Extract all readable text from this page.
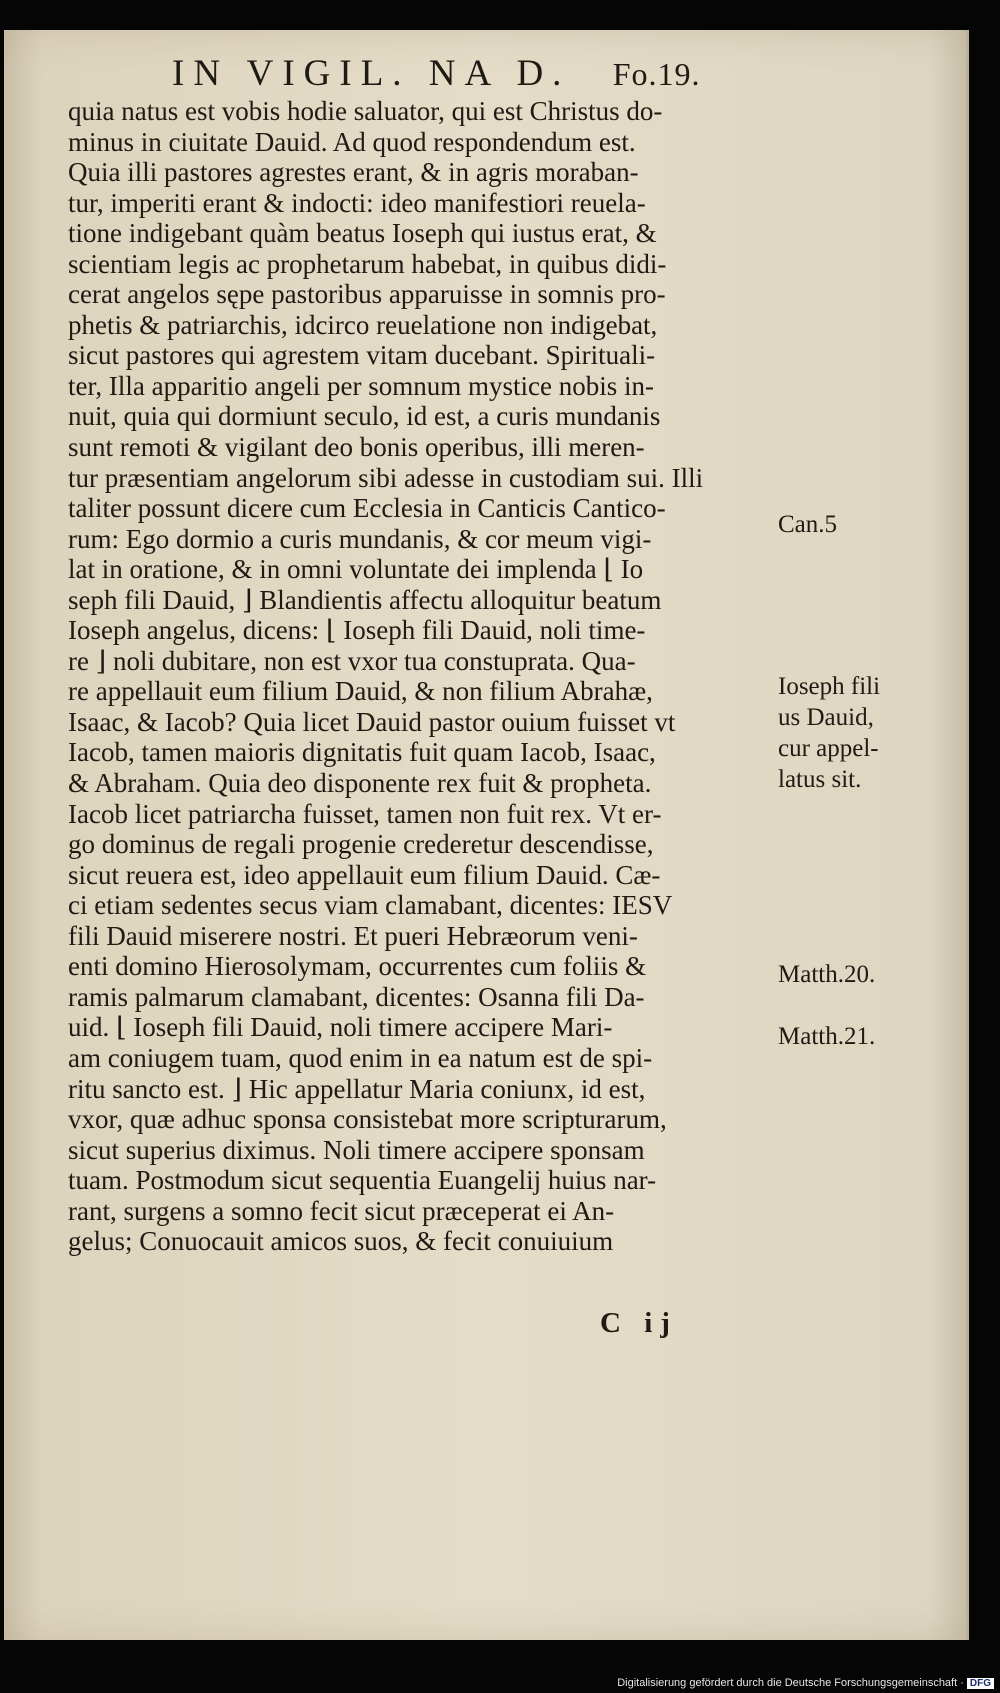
IN VIGIL. NA D. Fo.19.
quia natus est vobis hodie saluator, qui est Christus do-
minus in ciuitate Dauid. Ad quod respondendum est.
Quia illi pastores agrestes erant, & in agris moraban-
tur, imperiti erant & indocti: ideo manifestiori reuela-
tione indigebant quàm beatus Ioseph qui iustus erat, &
scientiam legis ac prophetarum habebat, in quibus didi-
cerat angelos sępe pastoribus apparuisse in somnis pro-
phetis & patriarchis, idcirco reuelatione non indigebat,
sicut pastores qui agrestem vitam ducebant. Spirituali-
ter, Illa apparitio angeli per somnum mystice nobis in-
nuit, quia qui dormiunt seculo, id est, a curis mundanis
sunt remoti & vigilant deo bonis operibus, illi meren-
tur præsentiam angelorum sibi adesse in custodiam sui. Illi
taliter possunt dicere cum Ecclesia in Canticis Cantico-
rum: Ego dormio a curis mundanis, & cor meum vigi-
lat in oratione, & in omni voluntate dei implenda ⌊ Io
seph fili Dauid, ⌋ Blandientis affectu alloquitur beatum
Ioseph angelus, dicens: ⌊ Ioseph fili Dauid, noli time-
re ⌋ noli dubitare, non est vxor tua constuprata. Qua-
re appellauit eum filium Dauid, & non filium Abrahæ,
Isaac, & Iacob? Quia licet Dauid pastor ouium fuisset vt
Iacob, tamen maioris dignitatis fuit quam Iacob, Isaac,
& Abraham. Quia deo disponente rex fuit & propheta.
Iacob licet patriarcha fuisset, tamen non fuit rex. Vt er-
go dominus de regali progenie crederetur descendisse,
sicut reuera est, ideo appellauit eum filium Dauid. Cæ-
ci etiam sedentes secus viam clamabant, dicentes: IESV
fili Dauid miserere nostri. Et pueri Hebræorum veni-
enti domino Hierosolymam, occurrentes cum foliis &
ramis palmarum clamabant, dicentes: Osanna fili Da-
uid. ⌊ Ioseph fili Dauid, noli timere accipere Mari-
am coniugem tuam, quod enim in ea natum est de spi-
ritu sancto est. ⌋ Hic appellatur Maria coniunx, id est,
vxor, quæ adhuc sponsa consistebat more scripturarum,
sicut superius diximus. Noli timere accipere sponsam
tuam. Postmodum sicut sequentia Euangelij huius nar-
rant, surgens a somno fecit sicut præceperat ei An-
gelus; Conuocauit amicos suos, & fecit conuiuium
Can.5
Ioseph fili
us Dauid,
cur appel-
latus sit.
Matth.20.
Matth.21.
C ij
Digitalisierung gefördert durch die Deutsche Forschungsgemeinschaft · DFG
